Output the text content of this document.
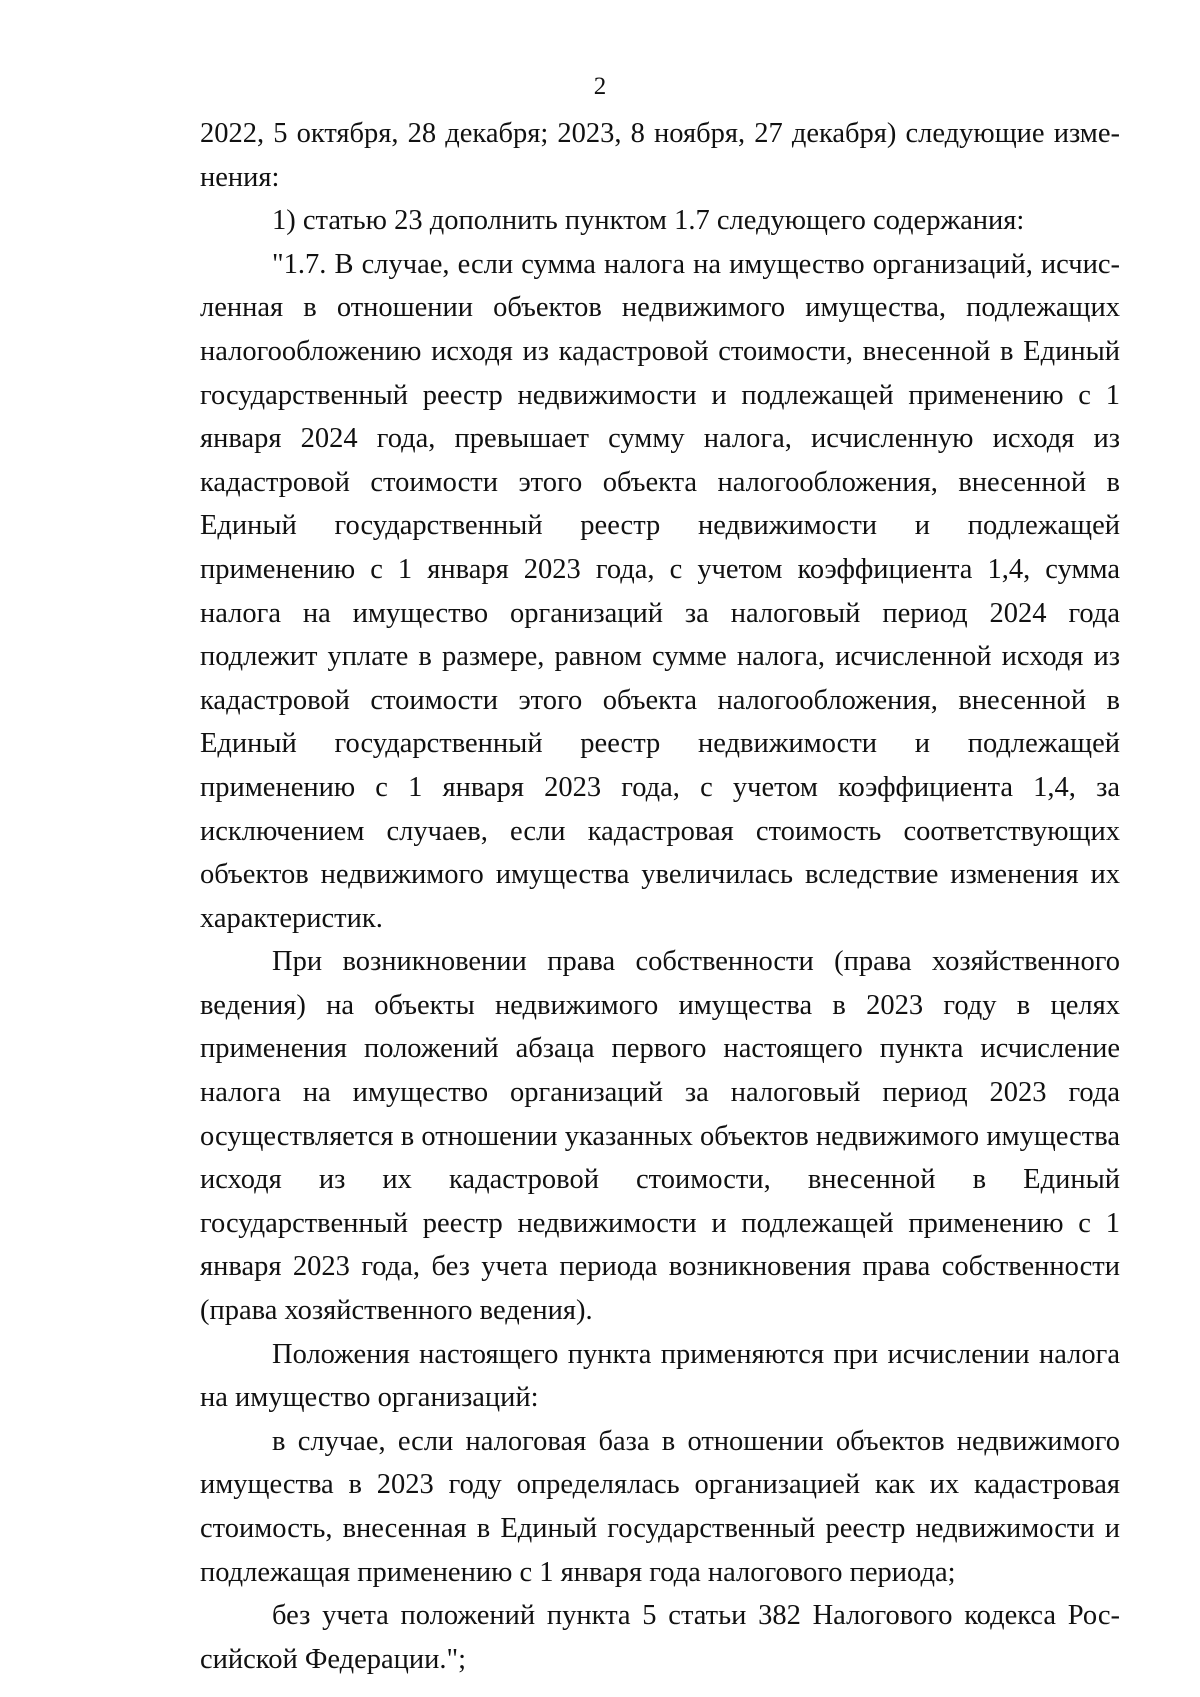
2

2022, 5 октября, 28 декабря; 2023, 8 ноября, 27 декабря) следующие изменения:

1) статью 23 дополнить пунктом 1.7 следующего содержания:

"1.7. В случае, если сумма налога на имущество организаций, исчисленная в отношении объектов недвижимого имущества, подлежащих налогообложению исходя из кадастровой стоимости, внесенной в Единый государственный реестр недвижимости и подлежащей применению с 1 января 2024 года, превышает сумму налога, исчисленную исходя из кадастровой стоимости этого объекта налогообложения, внесенной в Единый государственный реестр недвижимости и подлежащей применению с 1 января 2023 года, с учетом коэффициента 1,4, сумма налога на имущество организаций за налоговый период 2024 года подлежит уплате в размере, равном сумме налога, исчисленной исходя из кадастровой стоимости этого объекта налогообложения, внесенной в Единый государственный реестр недвижимости и подлежащей применению с 1 января 2023 года, с учетом коэффициента 1,4, за исключением случаев, если кадастровая стоимость соответствующих объектов недвижимого имущества увеличилась вследствие изменения их характеристик.

При возникновении права собственности (права хозяйственного ведения) на объекты недвижимого имущества в 2023 году в целях применения положений абзаца первого настоящего пункта исчисление налога на имущество организаций за налоговый период 2023 года осуществляется в отношении указанных объектов недвижимого имущества исходя из их кадастровой стоимости, внесенной в Единый государственный реестр недвижимости и подлежащей применению с 1 января 2023 года, без учета периода возникновения права собственности (права хозяйственного ведения).

Положения настоящего пункта применяются при исчислении налога на имущество организаций:

в случае, если налоговая база в отношении объектов недвижимого имущества в 2023 году определялась организацией как их кадастровая стоимость, внесенная в Единый государственный реестр недвижимости и подлежащая применению с 1 января года налогового периода;

без учета положений пункта 5 статьи 382 Налогового кодекса Российской Федерации.";
